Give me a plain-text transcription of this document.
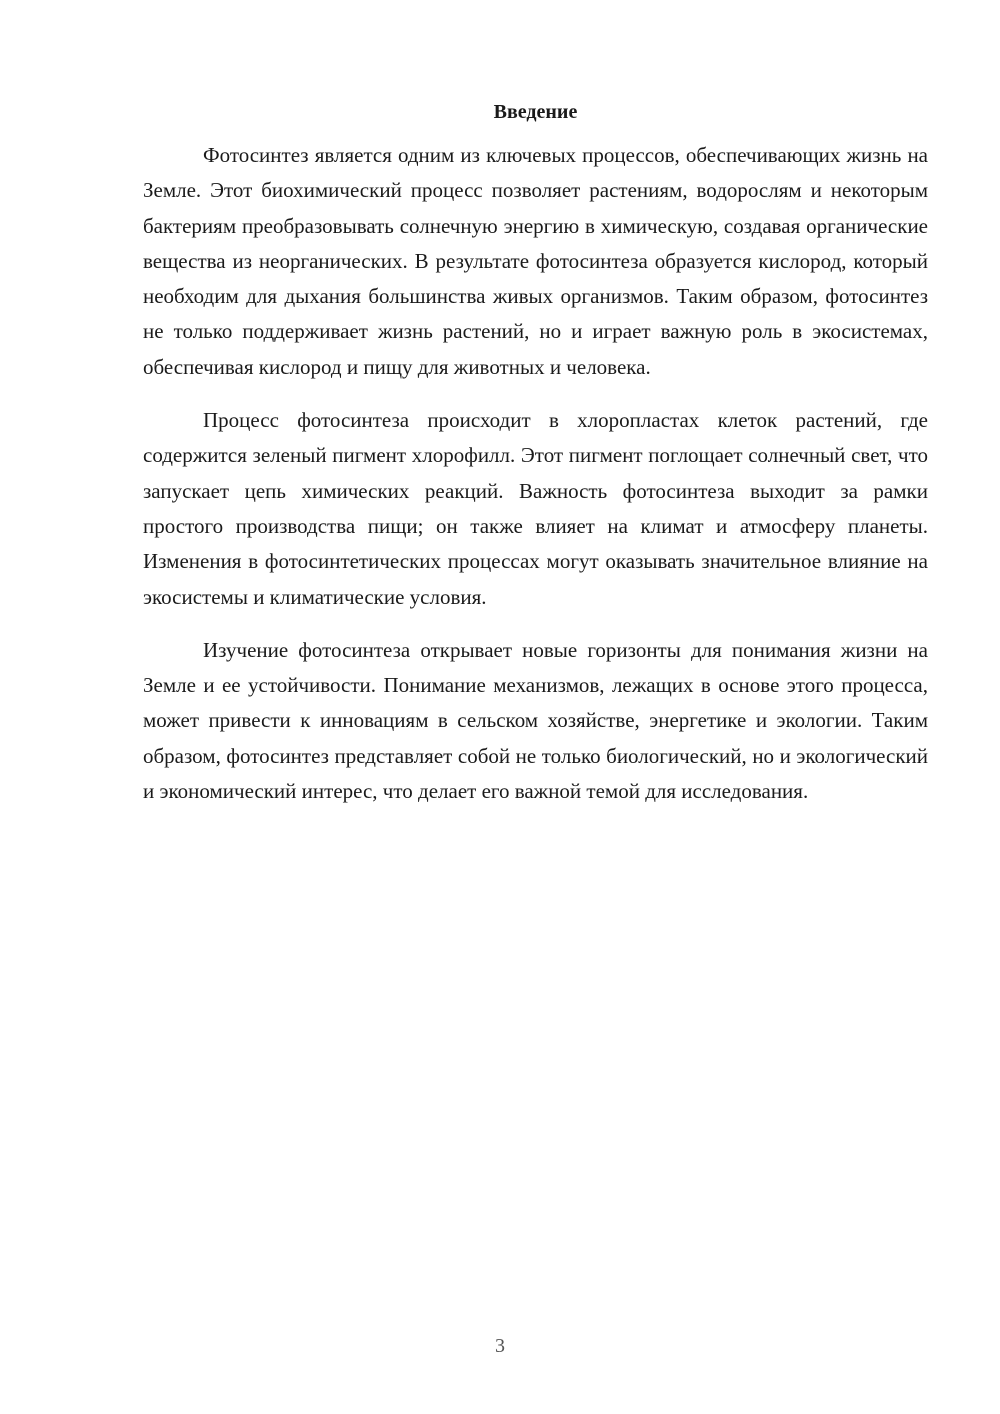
Введение

Фотосинтез является одним из ключевых процессов, обеспечивающих жизнь на Земле. Этот биохимический процесс позволяет растениям, водорослям и некоторым бактериям преобразовывать солнечную энергию в химическую, создавая органические вещества из неорганических. В результате фотосинтеза образуется кислород, который необходим для дыхания большинства живых организмов. Таким образом, фотосинтез не только поддерживает жизнь растений, но и играет важную роль в экосистемах, обеспечивая кислород и пищу для животных и человека.

Процесс фотосинтеза происходит в хлоропластах клеток растений, где содержится зеленый пигмент хлорофилл. Этот пигмент поглощает солнечный свет, что запускает цепь химических реакций. Важность фотосинтеза выходит за рамки простого производства пищи; он также влияет на климат и атмосферу планеты. Изменения в фотосинтетических процессах могут оказывать значительное влияние на экосистемы и климатические условия.

Изучение фотосинтеза открывает новые горизонты для понимания жизни на Земле и ее устойчивости. Понимание механизмов, лежащих в основе этого процесса, может привести к инновациям в сельском хозяйстве, энергетике и экологии. Таким образом, фотосинтез представляет собой не только биологический, но и экологический и экономический интерес, что делает его важной темой для исследования.

3
